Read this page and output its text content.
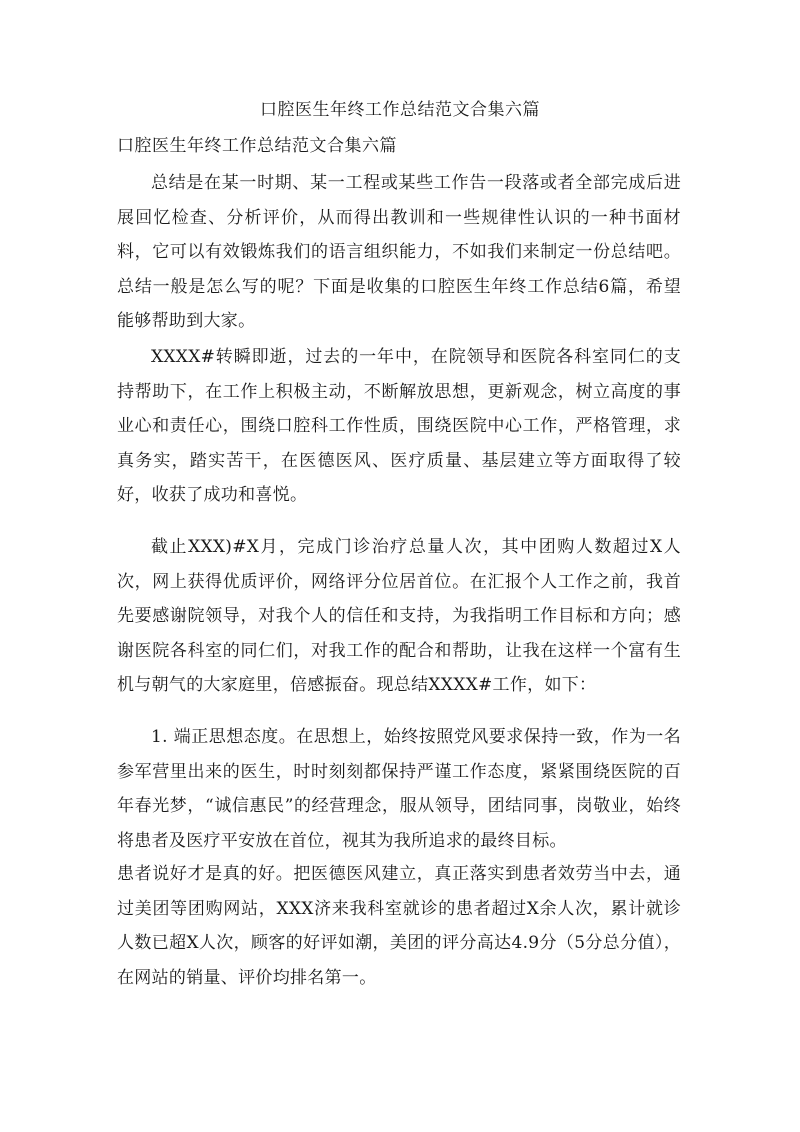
口腔医生年终工作总结范文合集六篇
口腔医生年终工作总结范文合集六篇

总结是在某一时期、某一工程或某些工作告一段落或者全部完成后进展回忆检查、分析评价，从而得出教训和一些规律性认识的一种书面材料，它可以有效锻炼我们的语言组织能力，不如我们来制定一份总结吧。总结一般是怎么写的呢？下面是收集的口腔医生年终工作总结6篇，希望能够帮助到大家。

XXXX#转瞬即逝，过去的一年中，在院领导和医院各科室同仁的支持帮助下，在工作上积极主动，不断解放思想，更新观念，树立高度的事业心和责任心，围绕口腔科工作性质，围绕医院中心工作，严格管理，求真务实，踏实苦干，在医德医风、医疗质量、基层建立等方面取得了较好，收获了成功和喜悦。

截止XXX)#X月，完成门诊治疗总量人次，其中团购人数超过X人次，网上获得优质评价，网络评分位居首位。在汇报个人工作之前，我首先要感谢院领导，对我个人的信任和支持，为我指明工作目标和方向；感谢医院各科室的同仁们，对我工作的配合和帮助，让我在这样一个富有生机与朝气的大家庭里，倍感振奋。现总结XXXX#工作，如下：

1. 端正思想态度。在思想上，始终按照党风要求保持一致，作为一名参军营里出来的医生，时时刻刻都保持严谨工作态度，紧紧围绕医院的百年春光梦，“诚信惠民”的经营理念，服从领导，团结同事，岗敬业，始终将患者及医疗平安放在首位，视其为我所追求的最终目标。

患者说好才是真的好。把医德医风建立，真正落实到患者效劳当中去，通过美团等团购网站，XXX济来我科室就诊的患者超过X余人次，累计就诊人数已超X人次，顾客的好评如潮，美团的评分高达4.9分（5分总分值），在网站的销量、评价均排名第一。
